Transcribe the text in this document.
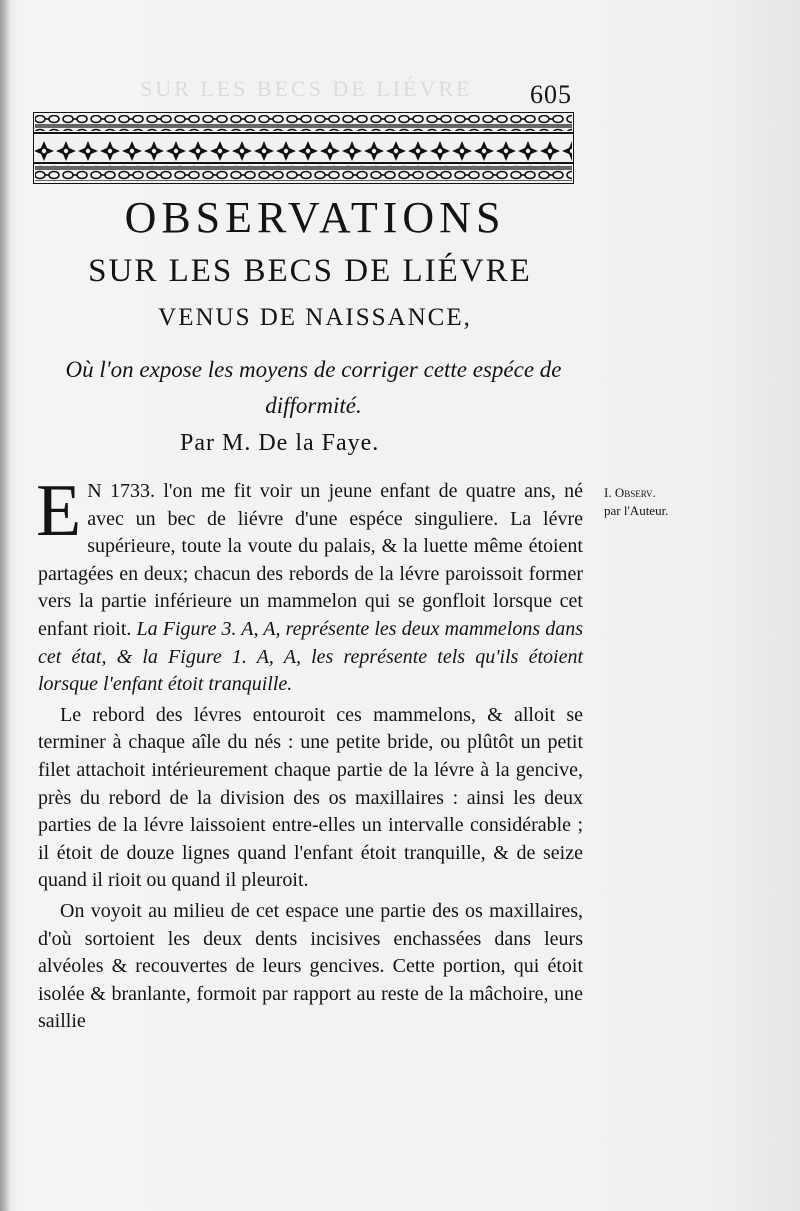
SUR LES BECS DE LIÉVRE 605
OBSERVATIONS
SUR LES BECS DE LIÉVRE
VENUS DE NAISSANCE,

Où l'on expose les moyens de corriger cette espéce de difformité.

Par M. De la Faye.
I. Observ.
par l'Auteur.

E N 1733. l'on me fit voir un jeune enfant de quatre ans, né avec un bec de liévre d'une espéce singuliere. La lévre supérieure, toute la voute du palais, & la luette même étoient partagées en deux; chacun des rebords de la lévre paroissoit former vers la partie inférieure un mammelon qui se gonfloit lorsque cet enfant rioit. La Figure 3. A, A, représente les deux mammelons dans cet état, & la Figure 1. A, A, les représente tels qu'ils étoient lorsque l'enfant étoit tranquille.

Le rebord des lévres entouroit ces mammelons, & alloit se terminer à chaque aîle du nés : une petite bride, ou plûtôt un petit filet attachoit intérieurement chaque partie de la lévre à la gencive, près du rebord de la division des os maxillaires : ainsi les deux parties de la lévre laissoient entre-elles un intervalle considérable ; il étoit de douze lignes quand l'enfant étoit tranquille, & de seize quand il rioit ou quand il pleuroit.

On voyoit au milieu de cet espace une partie des os maxillaires, d'où sortoient les deux dents incisives enchassées dans leurs alvéoles & recouvertes de leurs gencives. Cette portion, qui étoit isolée & branlante, formoit par rapport au reste de la mâchoire, une saillie
